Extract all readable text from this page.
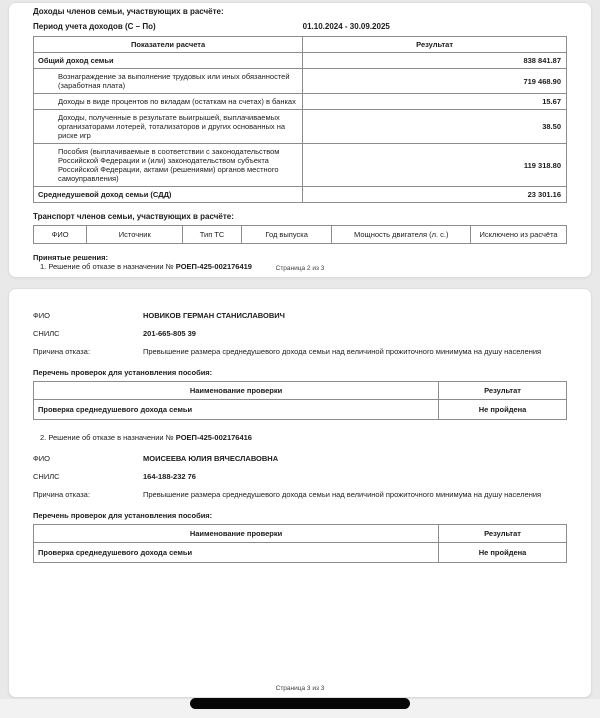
Доходы членов семьи, участвующих в расчёте:
Период учета доходов (С – По)	01.10.2024 - 30.09.2025
Показатели расчета	Результат
Общий доход семьи	838 841.87
Вознаграждение за выполнение трудовых или иных обязанностей (заработная плата)	719 468.90
Доходы в виде процентов по вкладам (остаткам на счетах) в банках	15.67
Доходы, полученные в результате выигрышей, выплачиваемых организаторами лотерей, тотализаторов и других основанных на риске игр	38.50
Пособия (выплачиваемые в соответствии с законодательством Российской Федерации и (или) законодательством субъекта Российской Федерации, актами (решениями) органов местного самоуправления)	119 318.80
Среднедушевой доход семьи (СДД)	23 301.16
Транспорт членов семьи, участвующих в расчёте:
ФИО	Источник	Тип ТС	Год выпуска	Мощность двигателя (л. с.)	Исключено из расчёта
Принятые решения:
1. Решение об отказе в назначении № РОЕП-425-002176419	Страница 2 из 3
ФИО	НОВИКОВ ГЕРМАН СТАНИСЛАВОВИЧ
СНИЛС	201-665-805 39
Причина отказа:	Превышение размера среднедушевого дохода семьи над величиной прожиточного минимума на душу населения
Перечень проверок для установления пособия:
Наименование проверки	Результат
Проверка среднедушевого дохода семьи	Не пройдена
2. Решение об отказе в назначении № РОЕП-425-002176416
ФИО	МОИСЕЕВА ЮЛИЯ ВЯЧЕСЛАВОВНА
СНИЛС	164-188-232 76
Причина отказа:	Превышение размера среднедушевого дохода семьи над величиной прожиточного минимума на душу населения
Перечень проверок для установления пособия:
Наименование проверки	Результат
Проверка среднедушевого дохода семьи	Не пройдена
Страница 3 из 3
